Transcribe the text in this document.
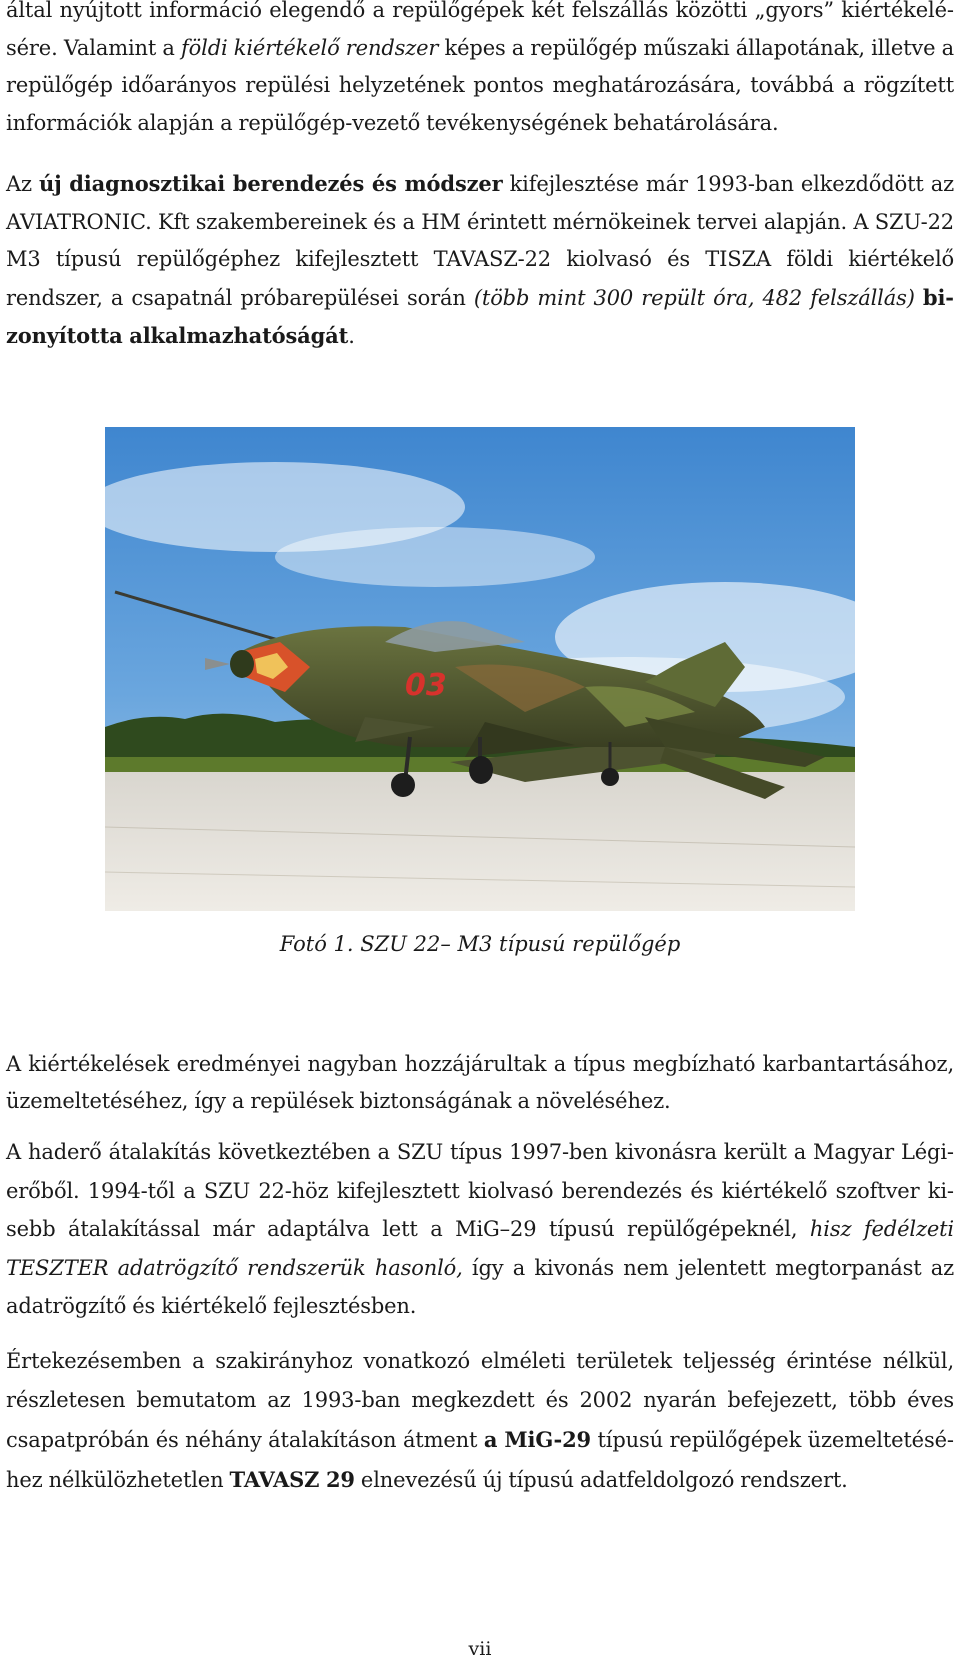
által nyújtott információ elegendő a repülőgépek két felszállás közötti „gyors” kiértékelésére. Valamint a földi kiértékelő rendszer képes a repülőgép műszaki állapotának, illetve a repülőgép időarányos repülési helyzetének pontos meghatározására, továbbá a rögzített információk alapján a repülőgép-vezető tevékenységének behatárolására.

Az új diagnosztikai berendezés és módszer kifejlesztése már 1993-ban elkezdődött az AVIATRONIC. Kft szakembereinek és a HM érintett mérnökeinek tervei alapján. A SZU-22 M3 típusú repülőgéphez kifejlesztett TAVASZ-22 kiolvasó és TISZA földi kiértékelő rendszer, a csapatnál próbarepülései során (több mint 300 repült óra, 482 felszállás) bizonyította alkalmazhatóságát.

03
Fotó 1. SZU 22– M3 típusú repülőgép

A kiértékelések eredményei nagyban hozzájárultak a típus megbízható karbantartásához, üzemeltetéséhez, így a repülések biztonságának a növeléséhez.

A haderő átalakítás következtében a SZU típus 1997-ben kivonásra került a Magyar Légierőből. 1994-től a SZU 22-höz kifejlesztett kiolvasó berendezés és kiértékelő szoftver kisebb átalakítással már adaptálva lett a MiG–29 típusú repülőgépeknél, hisz fedélzeti TESZTER adatrögzítő rendszerük hasonló, így a kivonás nem jelentett megtorpanást az adatrögzítő és kiértékelő fejlesztésben.

Értekezésemben a szakirányhoz vonatkozó elméleti területek teljesség érintése nélkül, részletesen bemutatom az 1993-ban megkezdett és 2002 nyarán befejezett, több éves csapatpróbán és néhány átalakításon átment a MiG-29 típusú repülőgépek üzemeltetéséhez nélkülözhetetlen TAVASZ 29 elnevezésű új típusú adatfeldolgozó rendszert.

vii
